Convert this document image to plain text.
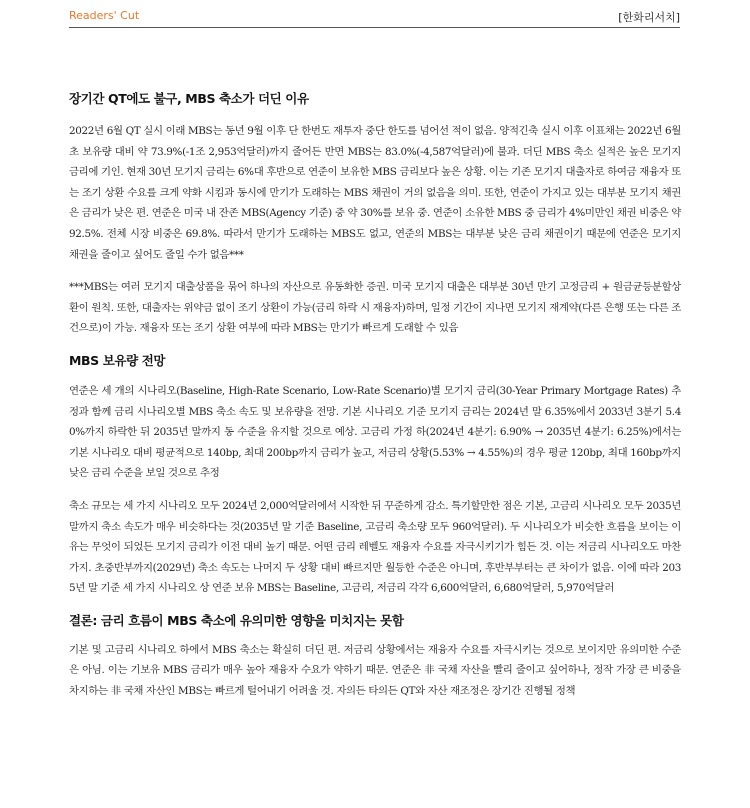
Readers' Cut	[한화리서치]
장기간 QT에도 불구, MBS 축소가 더딘 이유

2022년 6월 QT 실시 이래 MBS는 동년 9월 이후 단 한번도 재투자 중단 한도를 넘어선 적이 없음. 양적긴축 실시 이후 이표채는 2022년 6월 초 보유량 대비 약 73.9%(-1조 2,953억달러)까지 줄어든 반면 MBS는 83.0%(-4,587억달러)에 불과. 더딘 MBS 축소 실적은 높은 모기지 금리에 기인. 현재 30년 모기지 금리는 6%대 후반으로 연준이 보유한 MBS 금리보다 높은 상황. 이는 기존 모기지 대출자로 하여금 재융자 또는 조기 상환 수요를 크게 약화 시킴과 동시에 만기가 도래하는 MBS 채권이 거의 없음을 의미. 또한, 연준이 가지고 있는 대부분 모기지 채권은 금리가 낮은 편. 연준은 미국 내 잔존 MBS(Agency 기준) 중 약 30%를 보유 중. 연준이 소유한 MBS 중 금리가 4%미만인 채권 비중은 약 92.5%. 전체 시장 비중은 69.8%. 따라서 만기가 도래하는 MBS도 없고, 연준의 MBS는 대부분 낮은 금리 채권이기 때문에 연준은 모기지 채권을 줄이고 싶어도 줄일 수가 없음***

***MBS는 여러 모기지 대출상품을 묶어 하나의 자산으로 유동화한 증권. 미국 모기지 대출은 대부분 30년 만기 고정금리 + 원금균등분할상환이 원칙. 또한, 대출자는 위약금 없이 조기 상환이 가능(금리 하락 시 재융자)하며, 일정 기간이 지나면 모기지 재계약(다른 은행 또는 다른 조건으로)이 가능. 재융자 또는 조기 상환 여부에 따라 MBS는 만기가 빠르게 도래할 수 있음

MBS 보유량 전망

연준은 세 개의 시나리오(Baseline, High-Rate Scenario, Low-Rate Scenario)별 모기지 금리(30-Year Primary Mortgage Rates) 추정과 함께 금리 시나리오별 MBS 축소 속도 및 보유량을 전망. 기본 시나리오 기준 모기지 금리는 2024년 말 6.35%에서 2033년 3분기 5.40%까지 하락한 뒤 2035년 말까지 동 수준을 유지할 것으로 예상. 고금리 가정 하(2024년 4분기: 6.90% → 2035년 4분기: 6.25%)에서는 기본 시나리오 대비 평균적으로 140bp, 최대 200bp까지 금리가 높고, 저금리 상황(5.53% → 4.55%)의 경우 평균 120bp, 최대 160bp까지 낮은 금리 수준을 보일 것으로 추정

축소 규모는 세 가지 시나리오 모두 2024년 2,000억달러에서 시작한 뒤 꾸준하게 감소. 특기할만한 점은 기본, 고금리 시나리오 모두 2035년 말까지 축소 속도가 매우 비슷하다는 것(2035년 말 기준 Baseline, 고금리 축소량 모두 960억달러). 두 시나리오가 비슷한 흐름을 보이는 이유는 무엇이 되었든 모기지 금리가 이전 대비 높기 때문. 어떤 금리 레벨도 재융자 수요를 자극시키기가 힘든 것. 이는 저금리 시나리오도 마찬가지. 초중반부까지(2029년) 축소 속도는 나머지 두 상황 대비 빠르지만 월등한 수준은 아니며, 후반부부터는 큰 차이가 없음. 이에 따라 2035년 말 기준 세 가지 시나리오 상 연준 보유 MBS는 Baseline, 고금리, 저금리 각각 6,600억달러, 6,680억달러, 5,970억달러

결론: 금리 흐름이 MBS 축소에 유의미한 영향을 미치지는 못함

기본 및 고금리 시나리오 하에서 MBS 축소는 확실히 더딘 편. 저금리 상황에서는 재융자 수요를 자극시키는 것으로 보이지만 유의미한 수준은 아님. 이는 기보유 MBS 금리가 매우 높아 재융자 수요가 약하기 때문. 연준은 非 국채 자산을 빨리 줄이고 싶어하나, 정작 가장 큰 비중을 차지하는 非 국채 자산인 MBS는 빠르게 털어내기 어려울 것. 자의든 타의든 QT와 자산 재조정은 장기간 진행될 정책
